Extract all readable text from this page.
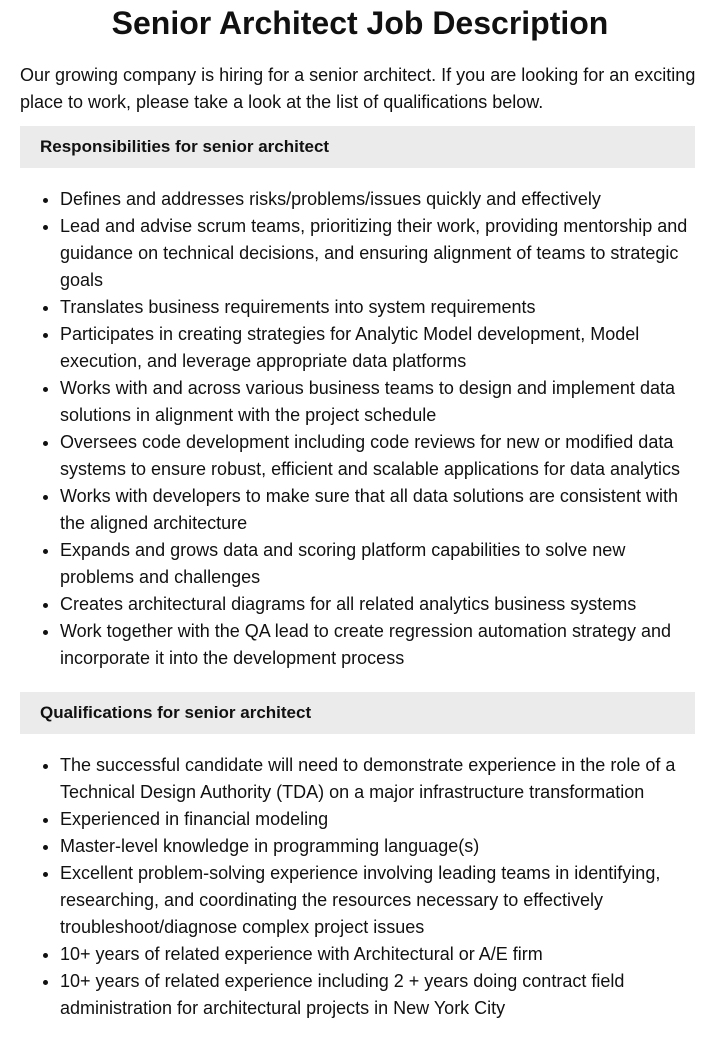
Senior Architect Job Description

Our growing company is hiring for a senior architect. If you are looking for an exciting place to work, please take a look at the list of qualifications below.

Responsibilities for senior architect
• Defines and addresses risks/problems/issues quickly and effectively
• Lead and advise scrum teams, prioritizing their work, providing mentorship and guidance on technical decisions, and ensuring alignment of teams to strategic goals
• Translates business requirements into system requirements
• Participates in creating strategies for Analytic Model development, Model execution, and leverage appropriate data platforms
• Works with and across various business teams to design and implement data solutions in alignment with the project schedule
• Oversees code development including code reviews for new or modified data systems to ensure robust, efficient and scalable applications for data analytics
• Works with developers to make sure that all data solutions are consistent with the aligned architecture
• Expands and grows data and scoring platform capabilities to solve new problems and challenges
• Creates architectural diagrams for all related analytics business systems
• Work together with the QA lead to create regression automation strategy and incorporate it into the development process
Qualifications for senior architect
• The successful candidate will need to demonstrate experience in the role of a Technical Design Authority (TDA) on a major infrastructure transformation
• Experienced in financial modeling
• Master-level knowledge in programming language(s)
• Excellent problem-solving experience involving leading teams in identifying, researching, and coordinating the resources necessary to effectively troubleshoot/diagnose complex project issues
• 10+ years of related experience with Architectural or A/E firm
• 10+ years of related experience including 2 + years doing contract field administration for architectural projects in New York City
